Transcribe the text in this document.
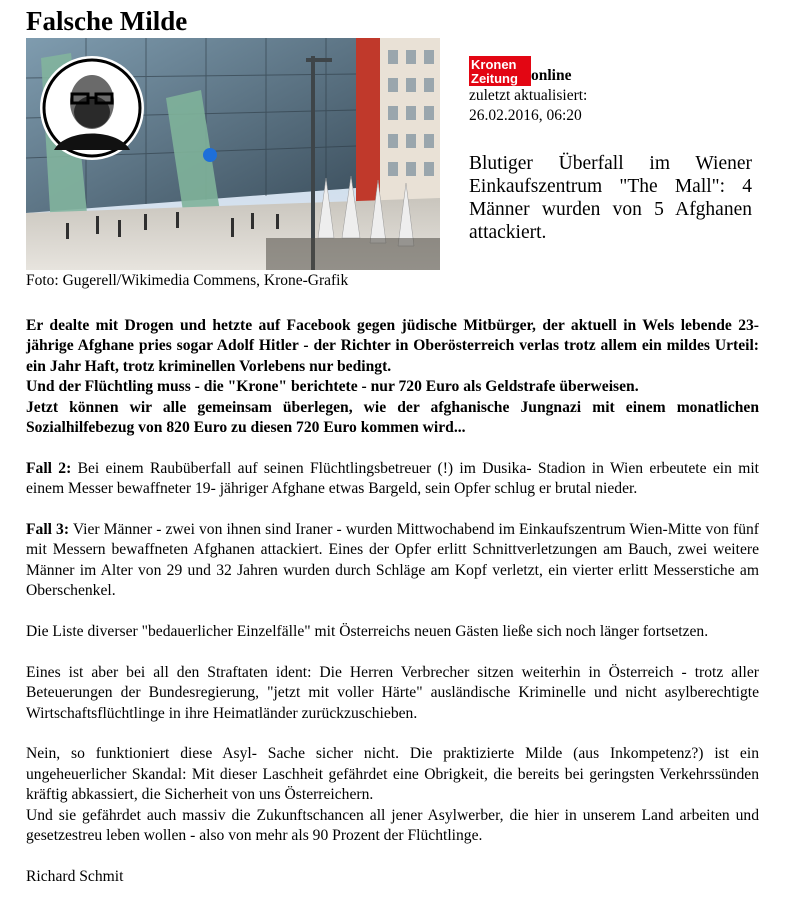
Falsche Milde
Foto: Gugerell/Wikimedia Commens, Krone-Grafik
Kronen
Zeitung online
zuletzt aktualisiert:
26.02.2016, 06:20
Blutiger Überfall im Wiener Einkaufszentrum "The Mall": 4 Männer wurden von 5 Afghanen attackiert.

Er dealte mit Drogen und hetzte auf Facebook gegen jüdische Mitbürger, der aktuell in Wels lebende 23- jährige Afghane pries sogar Adolf Hitler - der Richter in Oberösterreich verlas trotz allem ein mildes Urteil: ein Jahr Haft, trotz kriminellen Vorlebens nur bedingt.
Und der Flüchtling muss - die "Krone" berichtete - nur 720 Euro als Geldstrafe überweisen.
Jetzt können wir alle gemeinsam überlegen, wie der afghanische Jungnazi mit einem monatlichen Sozialhilfebezug von 820 Euro zu diesen 720 Euro kommen wird...

Fall 2: Bei einem Raubüberfall auf seinen Flüchtlingsbetreuer (!) im Dusika- Stadion in Wien erbeutete ein mit einem Messer bewaffneter 19- jähriger Afghane etwas Bargeld, sein Opfer schlug er brutal nieder.

Fall 3: Vier Männer - zwei von ihnen sind Iraner - wurden Mittwochabend im Einkaufszentrum Wien-Mitte von fünf mit Messern bewaffneten Afghanen attackiert. Eines der Opfer erlitt Schnittverletzungen am Bauch, zwei weitere Männer im Alter von 29 und 32 Jahren wurden durch Schläge am Kopf verletzt, ein vierter erlitt Messerstiche am Oberschenkel.

Die Liste diverser "bedauerlicher Einzelfälle" mit Österreichs neuen Gästen ließe sich noch länger fortsetzen.

Eines ist aber bei all den Straftaten ident: Die Herren Verbrecher sitzen weiterhin in Österreich - trotz aller Beteuerungen der Bundesregierung, "jetzt mit voller Härte" ausländische Kriminelle und nicht asylberechtigte Wirtschaftsflüchtlinge in ihre Heimatländer zurückzuschieben.

Nein, so funktioniert diese Asyl- Sache sicher nicht. Die praktizierte Milde (aus Inkompetenz?) ist ein ungeheuerlicher Skandal: Mit dieser Laschheit gefährdet eine Obrigkeit, die bereits bei geringsten Verkehrssünden kräftig abkassiert, die Sicherheit von uns Österreichern.
Und sie gefährdet auch massiv die Zukunftschancen all jener Asylwerber, die hier in unserem Land arbeiten und gesetzestreu leben wollen - also von mehr als 90 Prozent der Flüchtlinge.

Richard Schmit
